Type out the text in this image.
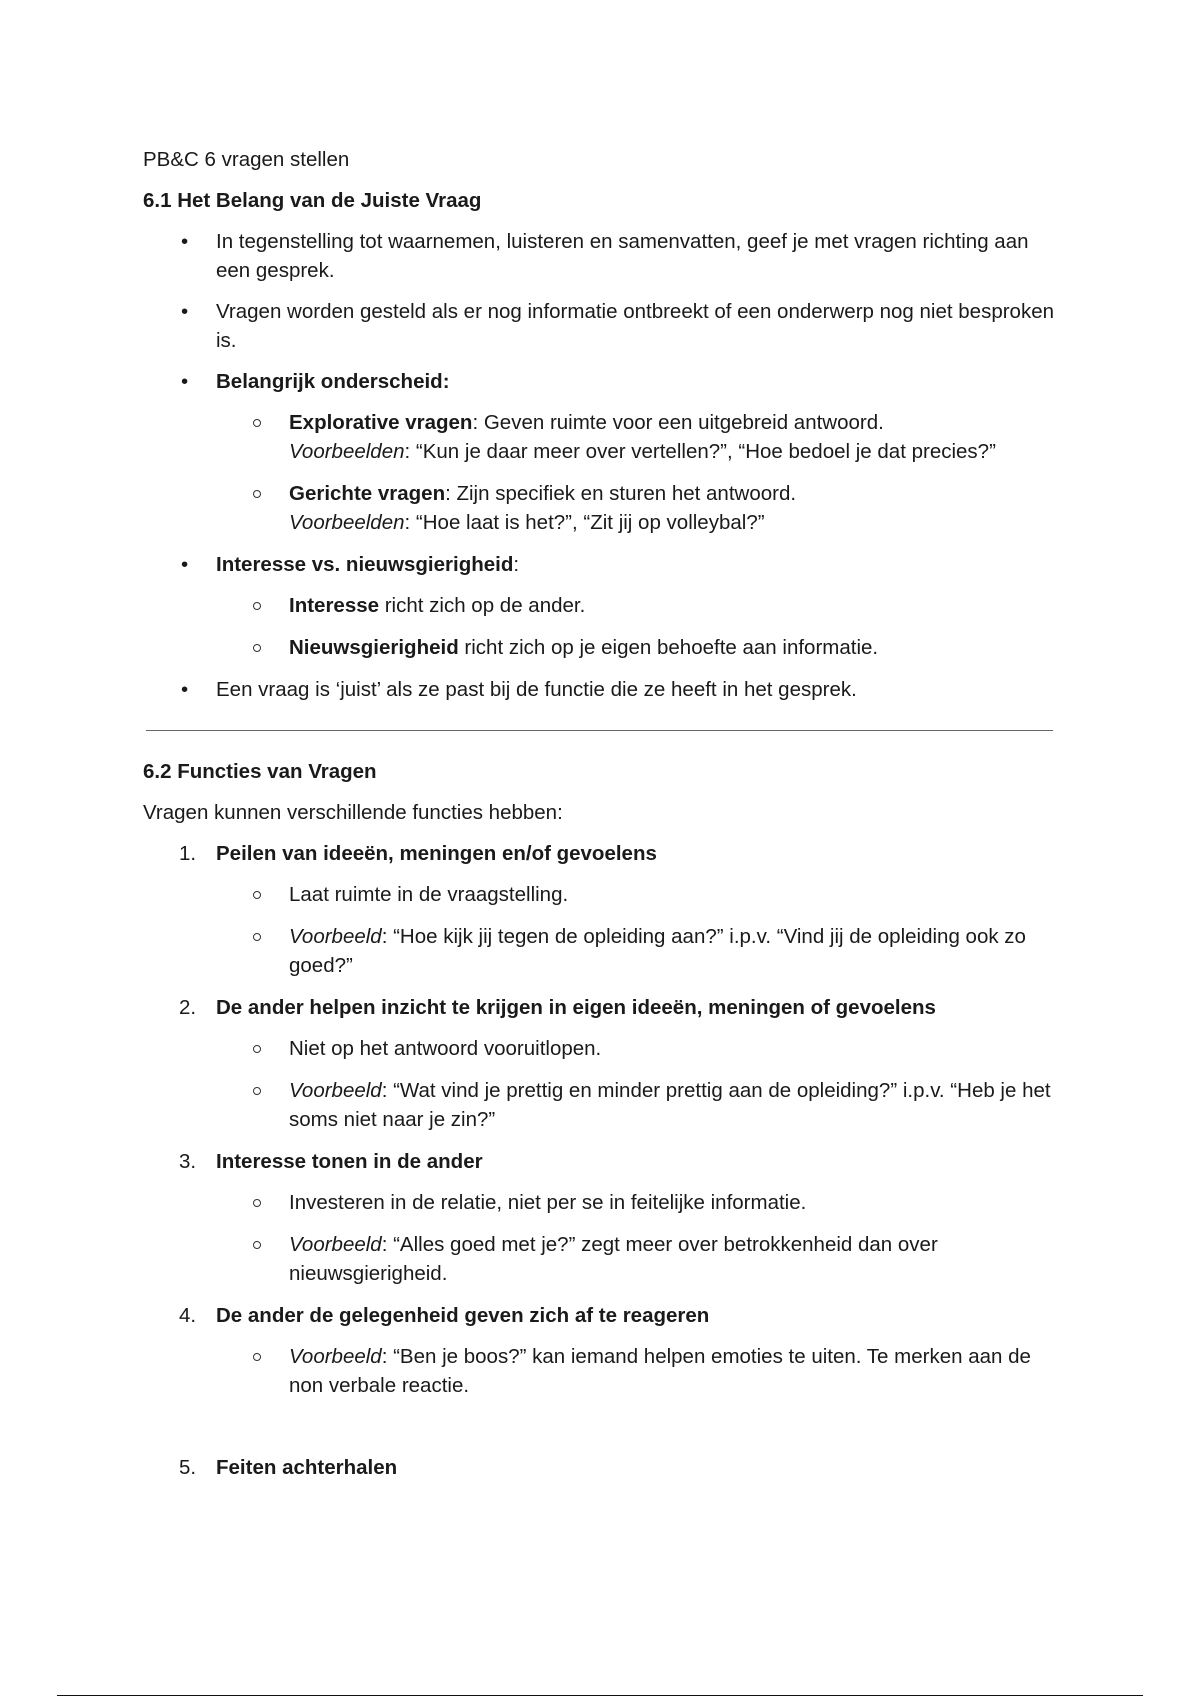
PB&C 6 vragen stellen
6.1 Het Belang van de Juiste Vraag
•	In tegenstelling tot waarnemen, luisteren en samenvatten, geef je met vragen richting aan een gesprek.
•	Vragen worden gesteld als er nog informatie ontbreekt of een onderwerp nog niet besproken is.
•	Belangrijk onderscheid:
Explorative vragen: Geven ruimte voor een uitgebreid antwoord.
Voorbeelden: “Kun je daar meer over vertellen?”, “Hoe bedoel je dat precies?”
Gerichte vragen: Zijn specifiek en sturen het antwoord.
Voorbeelden: “Hoe laat is het?”, “Zit jij op volleybal?”
•	Interesse vs. nieuwsgierigheid:
Interesse richt zich op de ander.
Nieuwsgierigheid richt zich op je eigen behoefte aan informatie.
•	Een vraag is ‘juist’ als ze past bij de functie die ze heeft in het gesprek.
6.2 Functies van Vragen
Vragen kunnen verschillende functies hebben:
1. Peilen van ideeën, meningen en/of gevoelens
Laat ruimte in de vraagstelling.
Voorbeeld: “Hoe kijk jij tegen de opleiding aan?” i.p.v. “Vind jij de opleiding ook zo goed?”
2. De ander helpen inzicht te krijgen in eigen ideeën, meningen of gevoelens
Niet op het antwoord vooruitlopen.
Voorbeeld: “Wat vind je prettig en minder prettig aan de opleiding?” i.p.v. “Heb je het soms niet naar je zin?”
3. Interesse tonen in de ander
Investeren in de relatie, niet per se in feitelijke informatie.
Voorbeeld: “Alles goed met je?” zegt meer over betrokkenheid dan over nieuwsgierigheid.
4. De ander de gelegenheid geven zich af te reageren
Voorbeeld: “Ben je boos?” kan iemand helpen emoties te uiten. Te merken aan de non verbale reactie.
5. Feiten achterhalen
